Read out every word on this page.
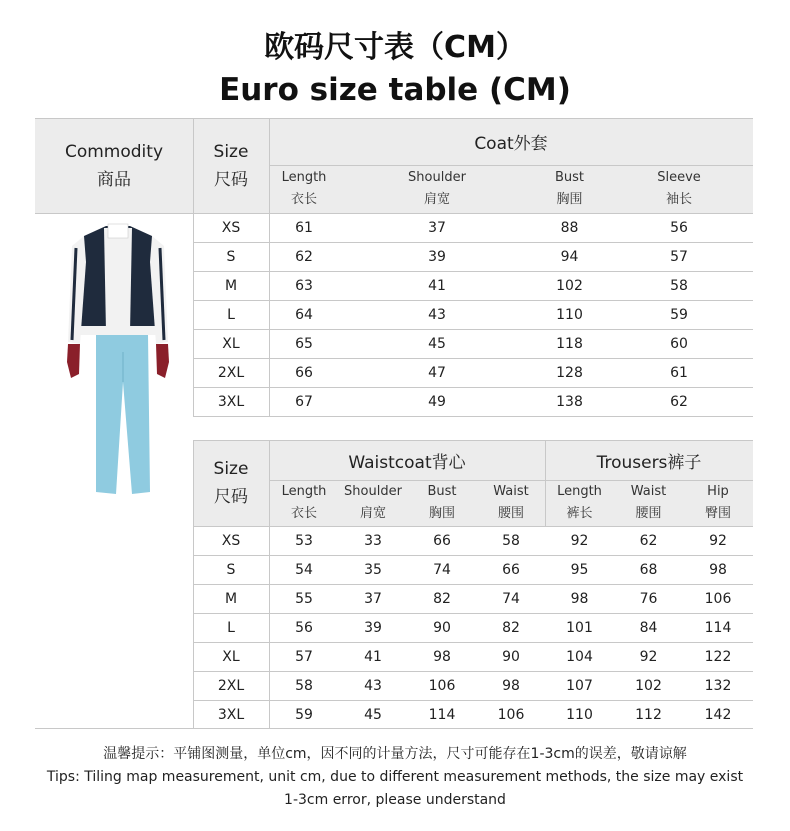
欧码尺寸表（CM）
Euro size table (CM)
Commodity
商品
Size
尺码
Coat外套
Length
衣长
Shoulder
肩宽
Bust
胸围
Sleeve
袖长
XS	61	37	88	56
S	62	39	94	57
M	63	41	102	58
L	64	43	110	59
XL	65	45	118	60
2XL	66	47	128	61
3XL	67	49	138	62
Size
尺码
Waistcoat背心	Trousers裤子
Length
衣长
Shoulder
肩宽
Bust
胸围
Waist
腰围
Length
裤长
Waist
腰围
Hip
臀围
XS	53	33	66	58	92	62	92
S	54	35	74	66	95	68	98
M	55	37	82	74	98	76	106
L	56	39	90	82	101	84	114
XL	57	41	98	90	104	92	122
2XL	58	43	106	98	107	102	132
3XL	59	45	114	106	110	112	142
温馨提示：平铺图测量，单位cm，因不同的计量方法，尺寸可能存在1-3cm的误差，敬请谅解
Tips: Tiling map measurement, unit cm, due to different measurement methods, the size may exist
1-3cm error, please understand
